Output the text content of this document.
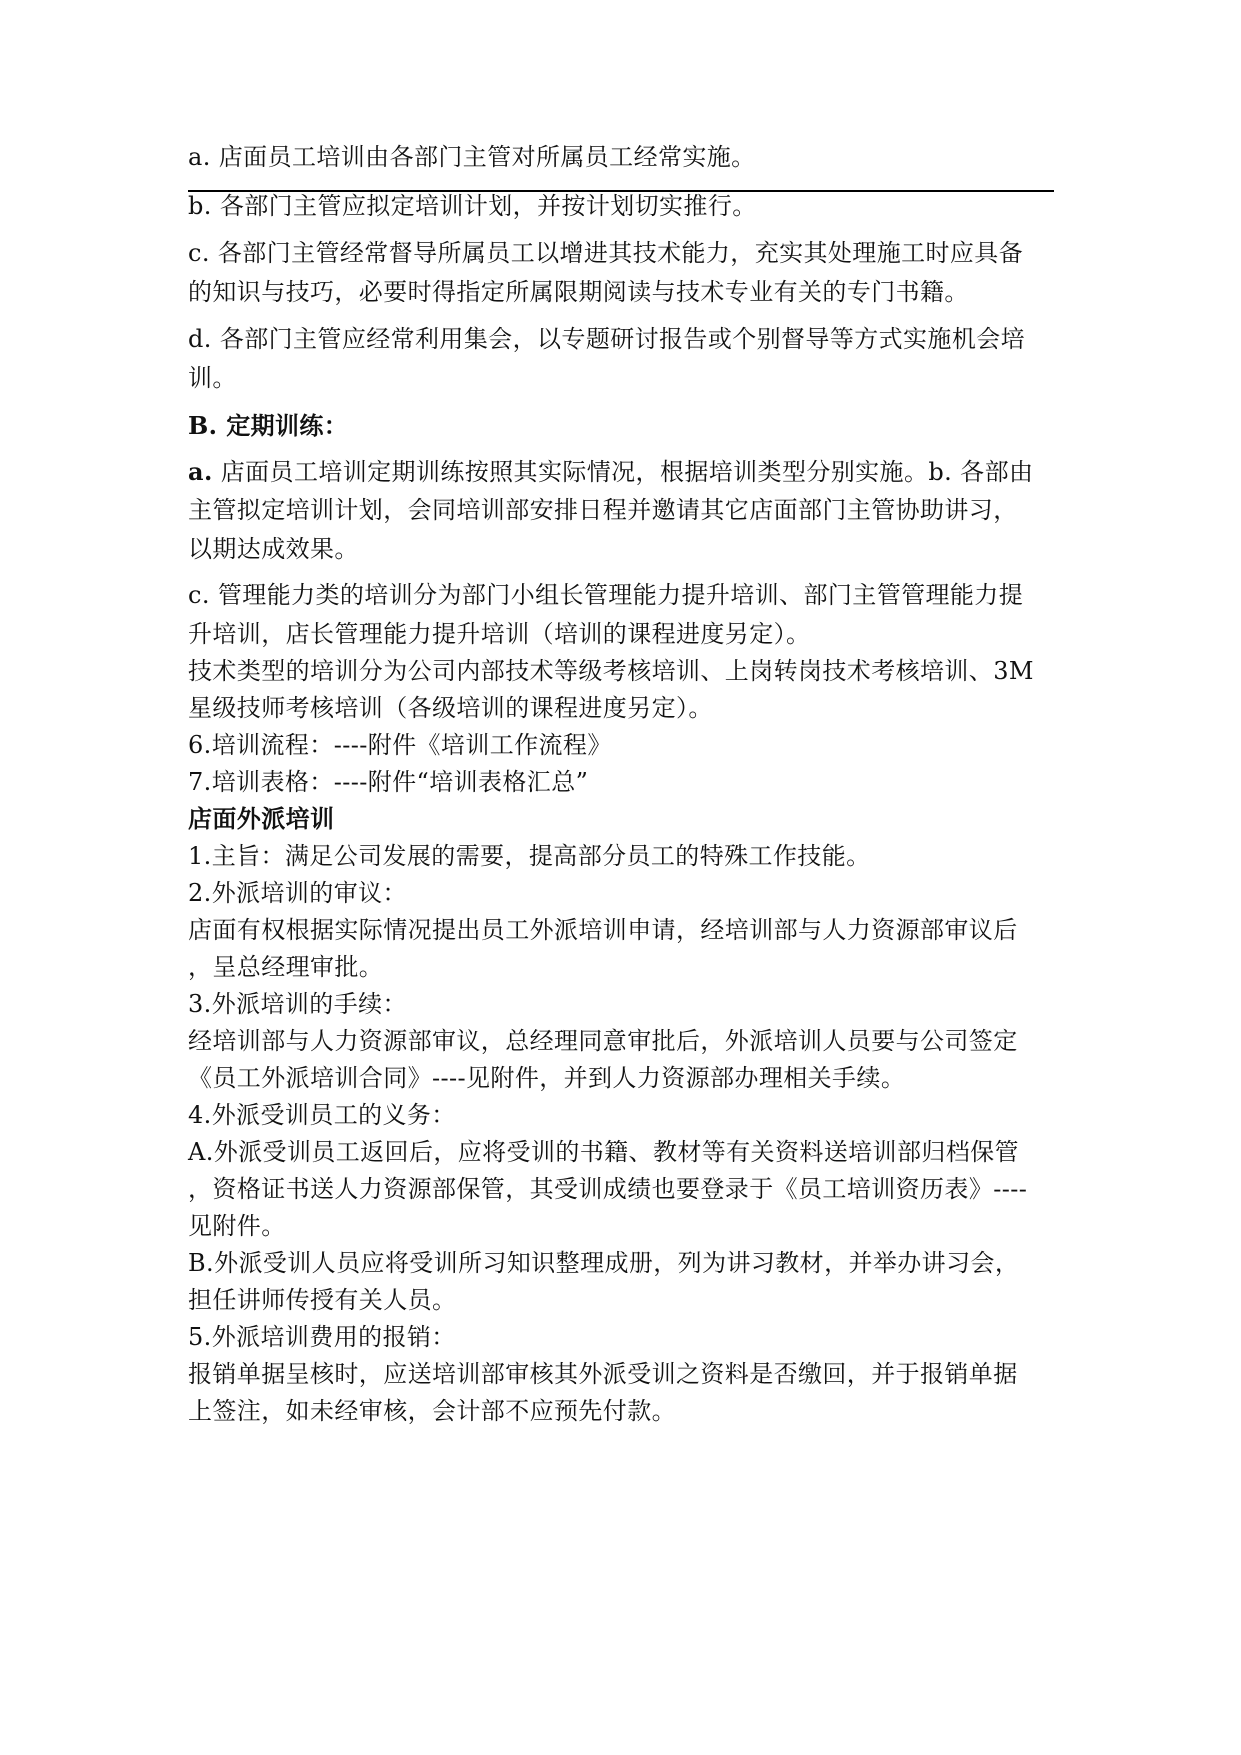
a. 店面员工培训由各部门主管对所属员工经常实施。
b. 各部门主管应拟定培训计划，并按计划切实推行。
c. 各部门主管经常督导所属员工以增进其技术能力，充实其处理施工时应具备
的知识与技巧，必要时得指定所属限期阅读与技术专业有关的专门书籍。
d. 各部门主管应经常利用集会，以专题研讨报告或个别督导等方式实施机会培
训。
B. 定期训练：
a. 店面员工培训定期训练按照其实际情况，根据培训类型分别实施。b. 各部由
主管拟定培训计划，会同培训部安排日程并邀请其它店面部门主管协助讲习，
以期达成效果。
c. 管理能力类的培训分为部门小组长管理能力提升培训、部门主管管理能力提
升培训，店长管理能力提升培训（培训的课程进度另定）。
技术类型的培训分为公司内部技术等级考核培训、上岗转岗技术考核培训、3M
星级技师考核培训（各级培训的课程进度另定）。
6.培训流程：----附件《培训工作流程》
7.培训表格：----附件“培训表格汇总”
店面外派培训
1.主旨：满足公司发展的需要，提高部分员工的特殊工作技能。
2.外派培训的审议：
店面有权根据实际情况提出员工外派培训申请，经培训部与人力资源部审议后
，呈总经理审批。
3.外派培训的手续：
经培训部与人力资源部审议，总经理同意审批后，外派培训人员要与公司签定
《员工外派培训合同》----见附件，并到人力资源部办理相关手续。
4.外派受训员工的义务：
A.外派受训员工返回后，应将受训的书籍、教材等有关资料送培训部归档保管
，资格证书送人力资源部保管，其受训成绩也要登录于《员工培训资历表》----
见附件。
B.外派受训人员应将受训所习知识整理成册，列为讲习教材，并举办讲习会，
担任讲师传授有关人员。
5.外派培训费用的报销：
报销单据呈核时，应送培训部审核其外派受训之资料是否缴回，并于报销单据
上签注，如未经审核，会计部不应预先付款。
